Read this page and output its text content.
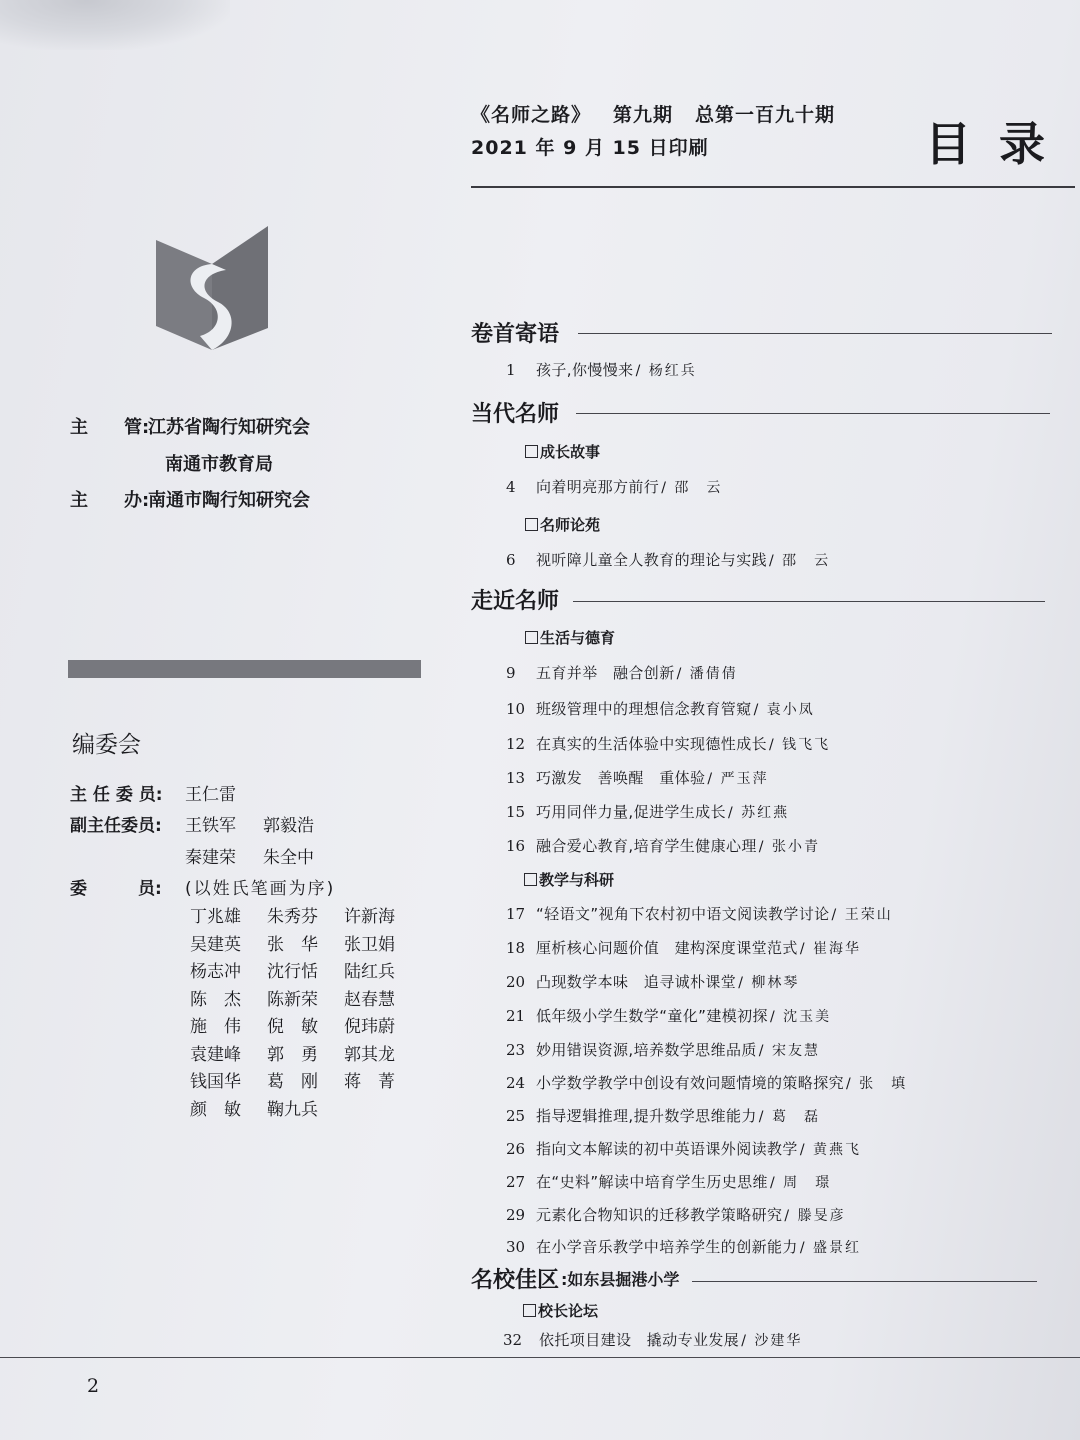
《名师之路》 第九期 总第一百九十期
2021 年 9 月 15 日印刷	目录
主　　管:江苏省陶行知研究会
南通市教育局
主　　办:南通市陶行知研究会
编委会
主 任 委 员: 王仁雷
副主任委员: 王铁军 郭毅浩
秦建荣 朱全中
委　　　员: (以姓氏笔画为序)
丁兆雄 朱秀芬 许新海
吴建英 张　华 张卫娟
杨志冲 沈行恬 陆红兵
陈　杰 陈新荣 赵春慧
施　伟 倪　敏 倪玮蔚
袁建峰 郭　勇 郭其龙
钱国华 葛　刚 蒋　菁
颜　敏 鞠九兵
卷首寄语
1 孩子,你慢慢来 / 杨红兵
当代名师
成长故事
4 向着明亮那方前行 / 邵　云
名师论苑
6 视听障儿童全人教育的理论与实践 / 邵　云
走近名师
生活与德育
9 五育并举　融合创新 / 潘倩倩
10 班级管理中的理想信念教育管窥 / 袁小凤
12 在真实的生活体验中实现德性成长 / 钱飞飞
13 巧激发　善唤醒　重体验 / 严玉萍
15 巧用同伴力量,促进学生成长 / 苏红燕
16 融合爱心教育,培育学生健康心理 / 张小青
教学与科研
17 “轻语文”视角下农村初中语文阅读教学讨论 / 王荣山
18 厘析核心问题价值　建构深度课堂范式 / 崔海华
20 凸现数学本味　追寻诚朴课堂 / 柳林琴
21 低年级小学生数学“童化”建模初探 / 沈玉美
23 妙用错误资源,培养数学思维品质 / 宋友慧
24 小学数学教学中创设有效问题情境的策略探究 / 张　填
25 指导逻辑推理,提升数学思维能力 / 葛　磊
26 指向文本解读的初中英语课外阅读教学 / 黄燕飞
27 在“史料”解读中培育学生历史思维 / 周　璟
29 元素化合物知识的迁移教学策略研究 / 滕旻彦
30 在小学音乐教学中培养学生的创新能力 / 盛景红
名校佳区 :如东县掘港小学
校长论坛
32 依托项目建设　撬动专业发展 / 沙建华
2
